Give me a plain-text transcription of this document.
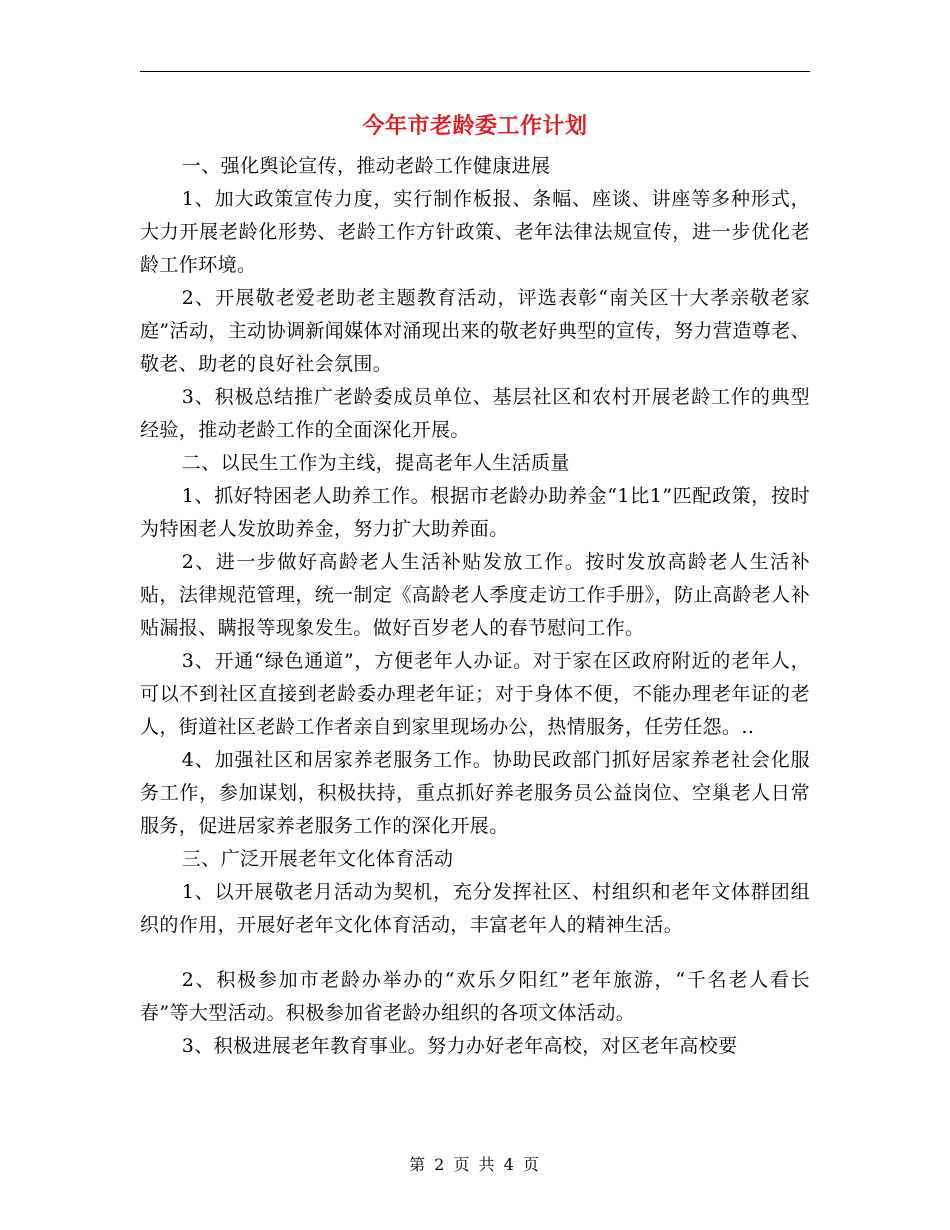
今年市老龄委工作计划

一、强化舆论宣传，推动老龄工作健康进展

1、加大政策宣传力度，实行制作板报、条幅、座谈、讲座等多种形式，大力开展老龄化形势、老龄工作方针政策、老年法律法规宣传，进一步优化老龄工作环境。

2、开展敬老爱老助老主题教育活动，评选表彰“南关区十大孝亲敬老家庭”活动，主动协调新闻媒体对涌现出来的敬老好典型的宣传，努力营造尊老、敬老、助老的良好社会氛围。

3、积极总结推广老龄委成员单位、基层社区和农村开展老龄工作的典型经验，推动老龄工作的全面深化开展。

二、以民生工作为主线，提高老年人生活质量

1、抓好特困老人助养工作。根据市老龄办助养金“1比1”匹配政策，按时为特困老人发放助养金，努力扩大助养面。

2、进一步做好高龄老人生活补贴发放工作。按时发放高龄老人生活补贴，法律规范管理，统一制定《高龄老人季度走访工作手册》，防止高龄老人补贴漏报、瞒报等现象发生。做好百岁老人的春节慰问工作。

3、开通“绿色通道”，方便老年人办证。对于家在区政府附近的老年人，可以不到社区直接到老龄委办理老年证；对于身体不便，不能办理老年证的老人，街道社区老龄工作者亲自到家里现场办公，热情服务，任劳任怨。..

4、加强社区和居家养老服务工作。协助民政部门抓好居家养老社会化服务工作，参加谋划，积极扶持，重点抓好养老服务员公益岗位、空巢老人日常服务，促进居家养老服务工作的深化开展。

三、广泛开展老年文化体育活动

1、以开展敬老月活动为契机，充分发挥社区、村组织和老年文体群团组织的作用，开展好老年文化体育活动，丰富老年人的精神生活。

2、积极参加市老龄办举办的“欢乐夕阳红”老年旅游，“千名老人看长春”等大型活动。积极参加省老龄办组织的各项文体活动。

3、积极进展老年教育事业。努力办好老年高校，对区老年高校要

第 2 页 共 4 页
